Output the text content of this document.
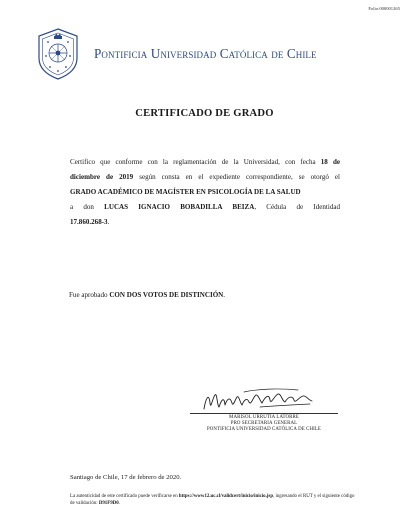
Folio:000001265
Pontificia Universidad Católica de Chile
CERTIFICADO DE GRADO
Certifico que conforme con la reglamentación de la Universidad, con fecha 18 de
diciembre de 2019 según consta en el expediente correspondiente, se otorgó el
GRADO ACADÉMICO DE MAGÍSTER EN PSICOLOGÍA DE LA SALUD
a don LUCAS IGNACIO BOBADILLA BEIZA, Cédula de Identidad
17.860.268-3.
Fue aprobado CON DOS VOTOS DE DISTINCIÓN.
MARISOL URRUTIA LATORRE
PRO SECRETARIA GENERAL
PONTIFICIA UNIVERSIDAD CATÓLICA DE CHILE
Santiago de Chile, 17 de febrero de 2020.
La autenticidad de este certificado puede verificarse en https://www12.uc.cl/validcert/inicio/inicio.jsp, ingresando el RUT y el siguiente código de validación: D91F9D0.
